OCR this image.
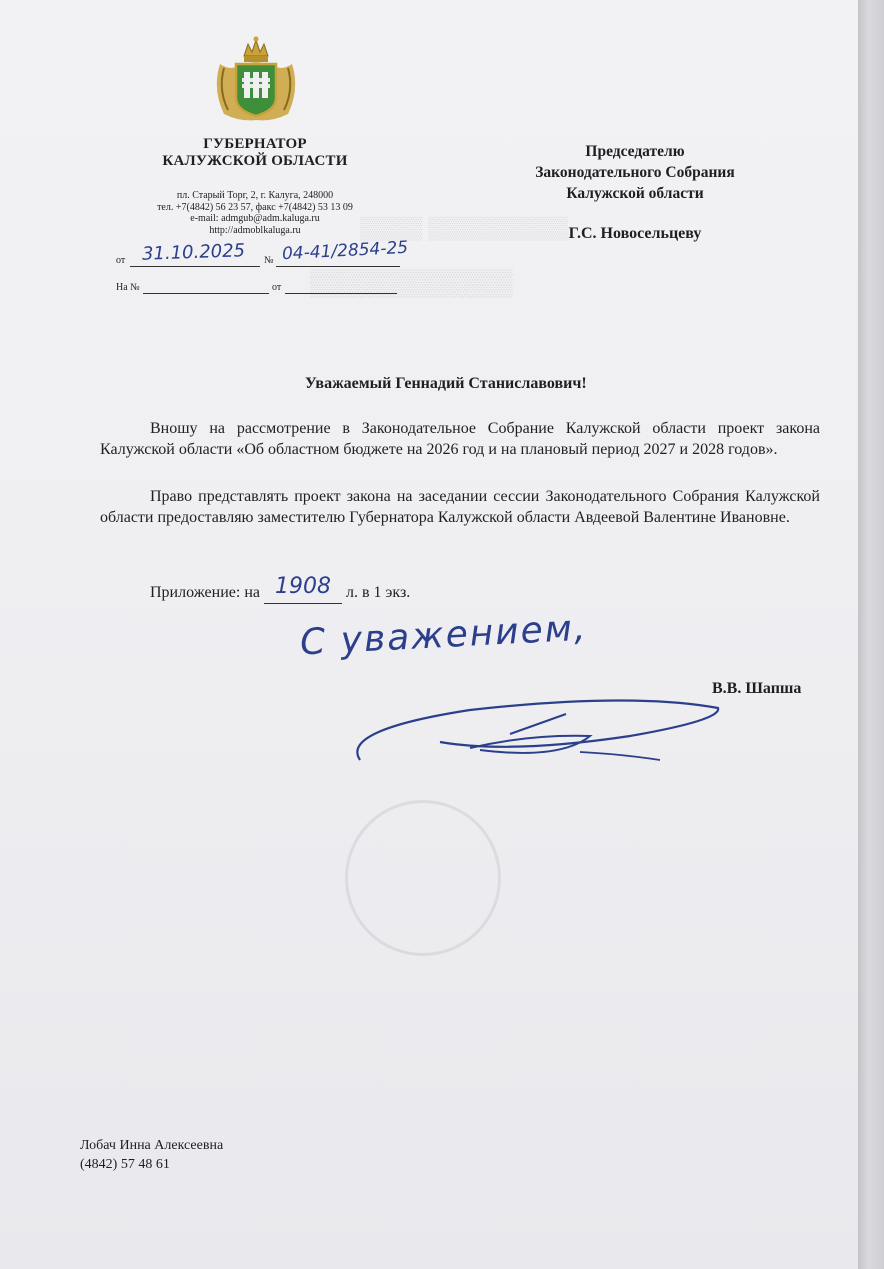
▒▒▒▒ ▒▒▒▒▒▒▒▒▒
▒▒▒▒▒▒▒▒▒▒▒
ГУБЕРНАТОР
КАЛУЖСКОЙ ОБЛАСТИ
пл. Старый Торг, 2, г. Калуга, 248000
тел. +7(4842) 56 23 57, факс +7(4842) 53 13 09
e-mail: admgub@adm.kaluga.ru
http://admoblkaluga.ru
от 31.10.2025 № 04-41/2854-25
На №	от
Председателю
Законодательного Собрания
Калужской области
Г.С. Новосельцеву
Уважаемый Геннадий Станиславович!
Вношу на рассмотрение в Законодательное Собрание Калужской области проект закона Калужской области «Об областном бюджете на 2026 год и на плановый период 2027 и 2028 годов».
Право представлять проект закона на заседании сессии Законодательного Собрания Калужской области предоставляю заместителю Губернатора Калужской области Авдеевой Валентине Ивановне.
Приложение: на 1908 л. в 1 экз.
С уважением,
В.В. Шапша
Лобач Инна Алексеевна
(4842) 57 48 61
